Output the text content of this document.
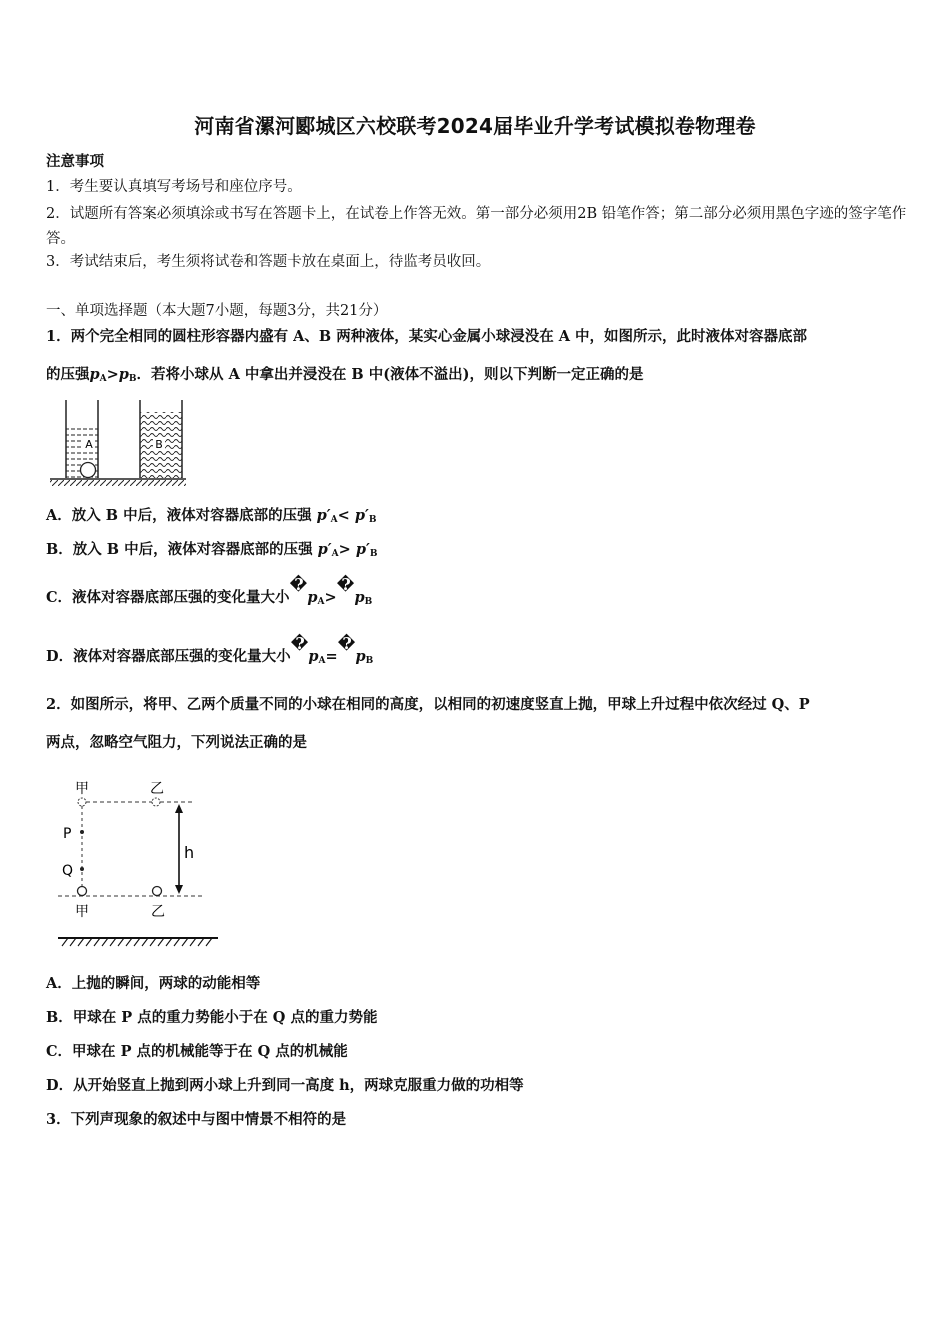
河南省漯河郾城区六校联考2024届毕业升学考试模拟卷物理卷
注意事项
1．考生要认真填写考场号和座位序号。
2．试题所有答案必须填涂或书写在答题卡上，在试卷上作答无效。第一部分必须用2B 铅笔作答；第二部分必须用黑色字迹的签字笔作答。
3．考试结束后，考生须将试卷和答题卡放在桌面上，待监考员收回。
一、单项选择题（本大题7小题，每题3分，共21分）
1．两个完全相同的圆柱形容器内盛有 A、B 两种液体，某实心金属小球浸没在 A 中，如图所示，此时液体对容器底部
的压强$p_A>p_B$．若将小球从 A 中拿出并浸没在 B 中(液体不溢出)，则以下判断一定正确的是
A	B
A．放入 B 中后，液体对容器底部的压强 $p'_A< p'_B$
B．放入 B 中后，液体对容器底部的压强 $p'_A> p'_B$
C．液体对容器底部压强的变化量大小$�p_A>�p_B$
D．液体对容器底部压强的变化量大小$�p_A=�p_B$
2．如图所示，将甲、乙两个质量不同的小球在相同的高度，以相同的初速度竖直上抛，甲球上升过程中依次经过 Q、P
两点，忽略空气阻力，下列说法正确的是
甲	乙
P
Q
甲	乙
h
A．上抛的瞬间，两球的动能相等
B．甲球在 P 点的重力势能小于在 Q 点的重力势能
C．甲球在 P 点的机械能等于在 Q 点的机械能
D．从开始竖直上抛到两小球上升到同一高度 h，两球克服重力做的功相等
3．下列声现象的叙述中与图中情景不相符的是
